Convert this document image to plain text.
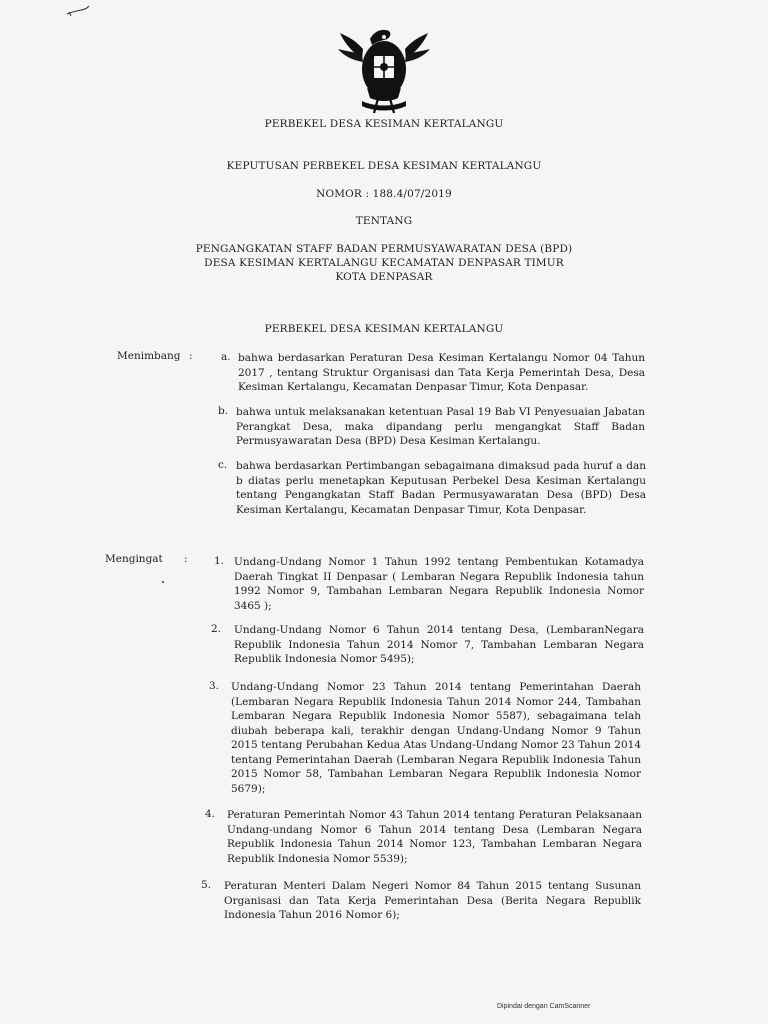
PERBEKEL DESA KESIMAN KERTALANGU
KEPUTUSAN PERBEKEL DESA KESIMAN KERTALANGU
NOMOR : 188.4/07/2019
TENTANG
PENGANGKATAN STAFF BADAN PERMUSYAWARATAN DESA (BPD)
DESA KESIMAN KERTALANGU KECAMATAN DENPASAR TIMUR
KOTA DENPASAR
PERBEKEL DESA KESIMAN KERTALANGU
Menimbang :	a. bahwa berdasarkan Peraturan Desa Kesiman Kertalangu Nomor 04 Tahun 2017 , tentang Struktur Organisasi dan Tata Kerja Pemerintah Desa, Desa Kesiman Kertalangu, Kecamatan Denpasar Timur, Kota Denpasar.
b. bahwa untuk melaksanakan ketentuan Pasal 19 Bab VI Penyesuaian Jabatan Perangkat Desa, maka dipandang perlu mengangkat Staff Badan Permusyawaratan Desa (BPD) Desa Kesiman Kertalangu.
c. bahwa berdasarkan Pertimbangan sebagaimana dimaksud pada huruf a dan b diatas perlu menetapkan Keputusan Perbekel Desa Kesiman Kertalangu tentang Pengangkatan Staff Badan Permusyawaratan Desa (BPD) Desa Kesiman Kertalangu, Kecamatan Denpasar Timur, Kota Denpasar.
Mengingat :	1. Undang-Undang Nomor 1 Tahun 1992 tentang Pembentukan Kotamadya Daerah Tingkat II Denpasar ( Lembaran Negara Republik Indonesia tahun 1992 Nomor 9, Tambahan Lembaran Negara Republik Indonesia Nomor 3465 );
2. Undang-Undang Nomor 6 Tahun 2014 tentang Desa, (LembaranNegara Republik Indonesia Tahun 2014 Nomor 7, Tambahan Lembaran Negara Republik Indonesia Nomor 5495);
3. Undang-Undang Nomor 23 Tahun 2014 tentang Pemerintahan Daerah (Lembaran Negara Republik Indonesia Tahun 2014 Nomor 244, Tambahan Lembaran Negara Republik Indonesia Nomor 5587), sebagaimana telah diubah beberapa kali, terakhir dengan Undang-Undang Nomor 9 Tahun 2015 tentang Perubahan Kedua Atas Undang-Undang Nomor 23 Tahun 2014 tentang Pemerintahan Daerah (Lembaran Negara Republik Indonesia Tahun 2015 Nomor 58, Tambahan Lembaran Negara Republik Indonesia Nomor 5679);
4. Peraturan Pemerintah Nomor 43 Tahun 2014 tentang Peraturan Pelaksanaan Undang-undang Nomor 6 Tahun 2014 tentang Desa (Lembaran Negara Republik Indonesia Tahun 2014 Nomor 123, Tambahan Lembaran Negara Republik Indonesia Nomor 5539);
5. Peraturan Menteri Dalam Negeri Nomor 84 Tahun 2015 tentang Susunan Organisasi dan Tata Kerja Pemerintahan Desa (Berita Negara Republik Indonesia Tahun 2016 Nomor 6);
Dipindai dengan CamScanner
